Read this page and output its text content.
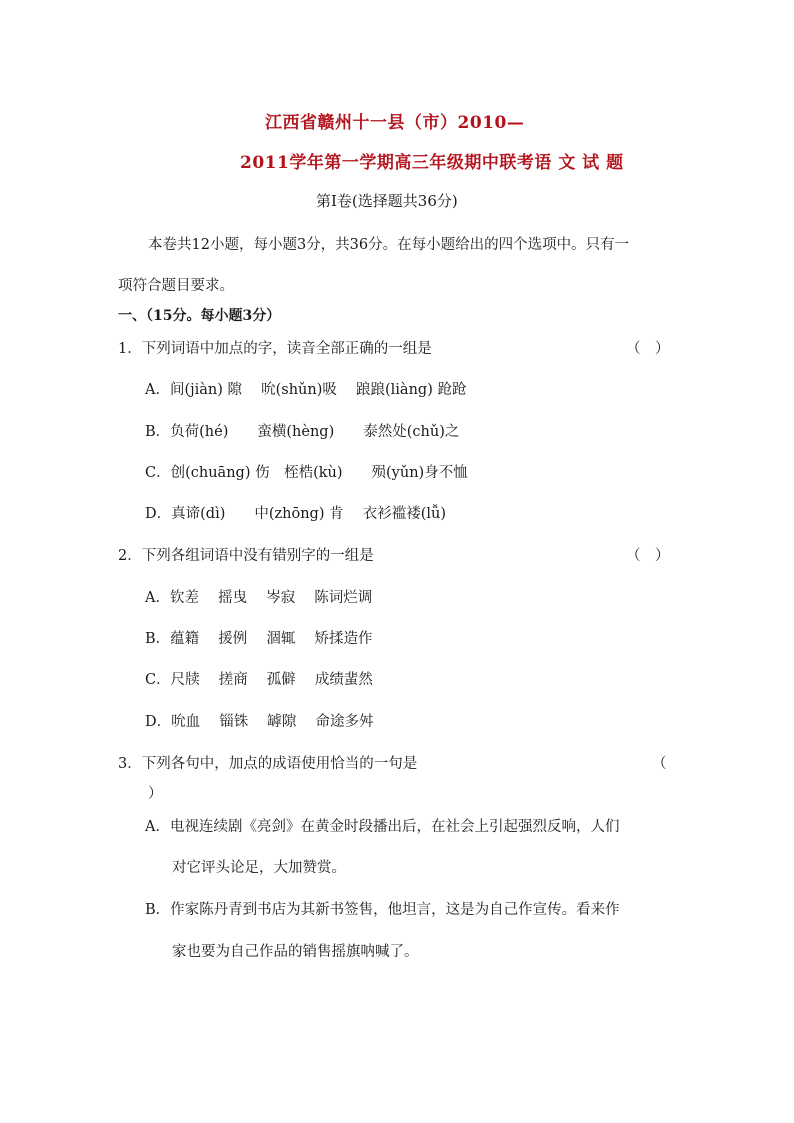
江西省赣州十一县（市）2010—
2011学年第一学期高三年级期中联考语 文 试 题
第Ⅰ卷(选择题共36分)
本卷共12小题，每小题3分，共36分。在每小题给出的四个选项中。只有一
项符合题目要求。
一、（15分。每小题3分）
1．下列词语中加点的字，读音全部正确的一组是	（　）
A．间(jiàn) 隙　 吮(shǔn)吸　 踉踉(liàng) 跄跄
B．负荷(hé)　　蛮横(hèng)　　泰然处(chǔ)之
C．创(chuāng) 伤　桎梏(kù)　　殒(yǔn)身不恤
D．真谛(dì)　　中(zhōng) 肯　 衣衫褴褛(lǚ)
2．下列各组词语中没有错别字的一组是	（　）
A．钦差　 摇曳　 岑寂　 陈词烂调
B．蕴籍　 援例　 涸辄　 矫揉造作
C．尺牍　 搓商　 孤僻　 成绩蜚然
D．吮血　 锱铢　 罅隙　 命途多舛
3．下列各句中，加点的成语使用恰当的一句是	（
）
A．电视连续剧《亮剑》在黄金时段播出后，在社会上引起强烈反响，人们
对它评头论足，大加赞赏。
B．作家陈丹青到书店为其新书签售，他坦言，这是为自己作宣传。看来作
家也要为自己作品的销售摇旗呐喊了。
